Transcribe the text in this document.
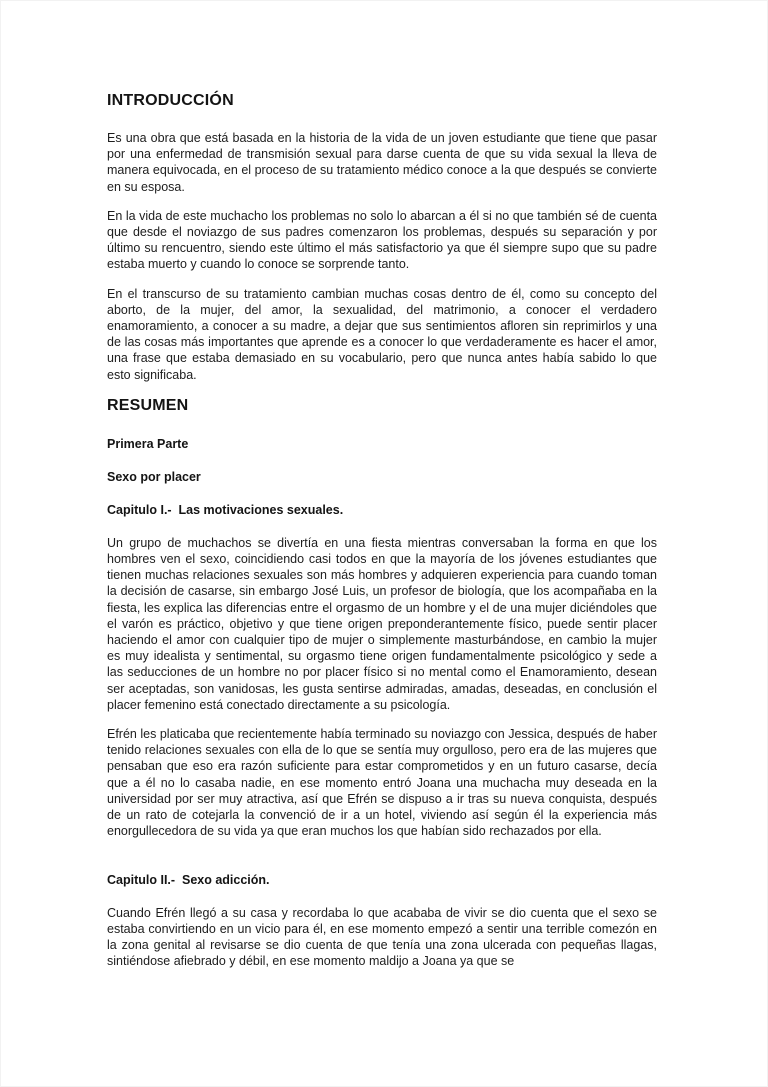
INTRODUCCIÓN

Es una obra que está basada en la historia de la vida de un joven estudiante que tiene que pasar por una enfermedad de transmisión sexual para darse cuenta de que su vida sexual la lleva de manera equivocada, en el proceso de su tratamiento médico conoce a la que después se convierte en su esposa.

En la vida de este muchacho los problemas no solo lo abarcan a él si no que también sé de cuenta que desde el noviazgo de sus padres comenzaron los problemas, después su separación y por último su rencuentro, siendo este último el más satisfactorio ya que él siempre supo que su padre estaba muerto y cuando lo conoce se sorprende tanto.

En el transcurso de su tratamiento cambian muchas cosas dentro de él, como su concepto del aborto, de la mujer, del amor, la sexualidad, del matrimonio, a conocer el verdadero enamoramiento, a conocer a su madre, a dejar que sus sentimientos afloren sin reprimirlos y una de las cosas más importantes que aprende es a conocer lo que verdaderamente es hacer el amor, una frase que estaba demasiado en su vocabulario, pero que nunca antes había sabido lo que esto significaba.

RESUMEN
Primera Parte
Sexo por placer
Capitulo I.-  Las motivaciones sexuales.

Un grupo de muchachos se divertía en una fiesta mientras conversaban la forma en que los hombres ven el sexo, coincidiendo casi todos en que la mayoría de los jóvenes estudiantes que tienen muchas relaciones sexuales son más hombres y adquieren experiencia para cuando toman la decisión de casarse, sin embargo José Luis, un profesor de biología, que los acompañaba en la fiesta, les explica las diferencias entre el orgasmo de un hombre y el de una mujer diciéndoles que el varón es práctico, objetivo y que tiene origen preponderantemente físico, puede sentir placer haciendo el amor con cualquier tipo de mujer o simplemente masturbándose, en cambio la mujer es muy idealista y sentimental, su orgasmo tiene origen fundamentalmente psicológico y sede a las seducciones de un hombre no por placer físico si no mental como el Enamoramiento, desean ser aceptadas, son vanidosas, les gusta sentirse admiradas, amadas, deseadas, en conclusión el placer femenino está conectado directamente a su psicología.

Efrén les platicaba que recientemente había terminado su noviazgo con Jessica, después de haber tenido relaciones sexuales con ella de lo que se sentía muy orgulloso, pero era de las mujeres que pensaban que eso era razón suficiente para estar comprometidos y en un futuro casarse, decía que a él no lo casaba nadie, en ese momento entró Joana una muchacha muy deseada en la universidad por ser muy atractiva, así que Efrén se dispuso a ir tras su nueva conquista, después de un rato de cotejarla la convenció de ir a un hotel, viviendo así según él la experiencia más enorgullecedora de su vida ya que eran muchos los que habían sido rechazados por ella.

Capitulo II.-  Sexo adicción.

Cuando Efrén llegó a su casa y recordaba lo que acababa de vivir se dio cuenta que el sexo se estaba convirtiendo en un vicio para él, en ese momento empezó a sentir una terrible comezón en la zona genital al revisarse se dio cuenta de que tenía una zona ulcerada con pequeñas llagas, sintiéndose afiebrado y débil, en ese momento maldijo a Joana ya que se
